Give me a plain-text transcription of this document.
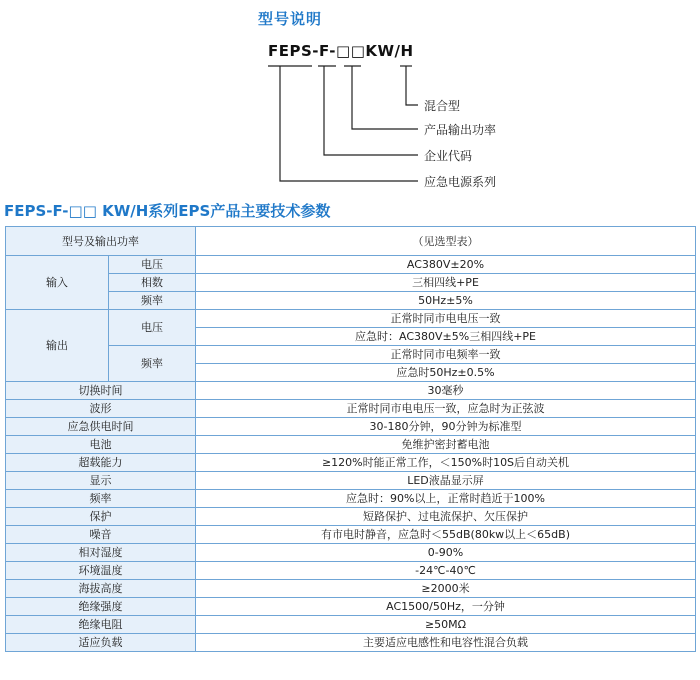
型号说明
FEPS-F-□□KW/H
混合型
产品输出功率
企业代码
应急电源系列
FEPS-F-□□ KW/H系列EPS产品主要技术参数
型号及输出功率		（见选型表）
输入	电压	AC380V±20%
	相数	三相四线+PE
	频率	50Hz±5%
输出	电压	正常时同市电电压一致
		应急时：AC380V±5%三相四线+PE
	频率	正常时同市电频率一致
		应急时50Hz±0.5%
切换时间		30毫秒
波形		正常时同市电电压一致，应急时为正弦波
应急供电时间		30-180分钟，90分钟为标准型
电池		免维护密封蓄电池
超载能力		≥120%时能正常工作，＜150%时10S后自动关机
显示		LED液晶显示屏
频率		应急时：90%以上，正常时趋近于100%
保护		短路保护、过电流保护、欠压保护
噪音		有市电时静音，应急时＜55dB(80kw以上＜65dB)
相对湿度		0-90%
环境温度		-24℃-40℃
海拔高度		≥2000米
绝缘强度		AC1500/50Hz，一分钟
绝缘电阻		≥50MΩ
适应负载		主要适应电感性和电容性混合负载
